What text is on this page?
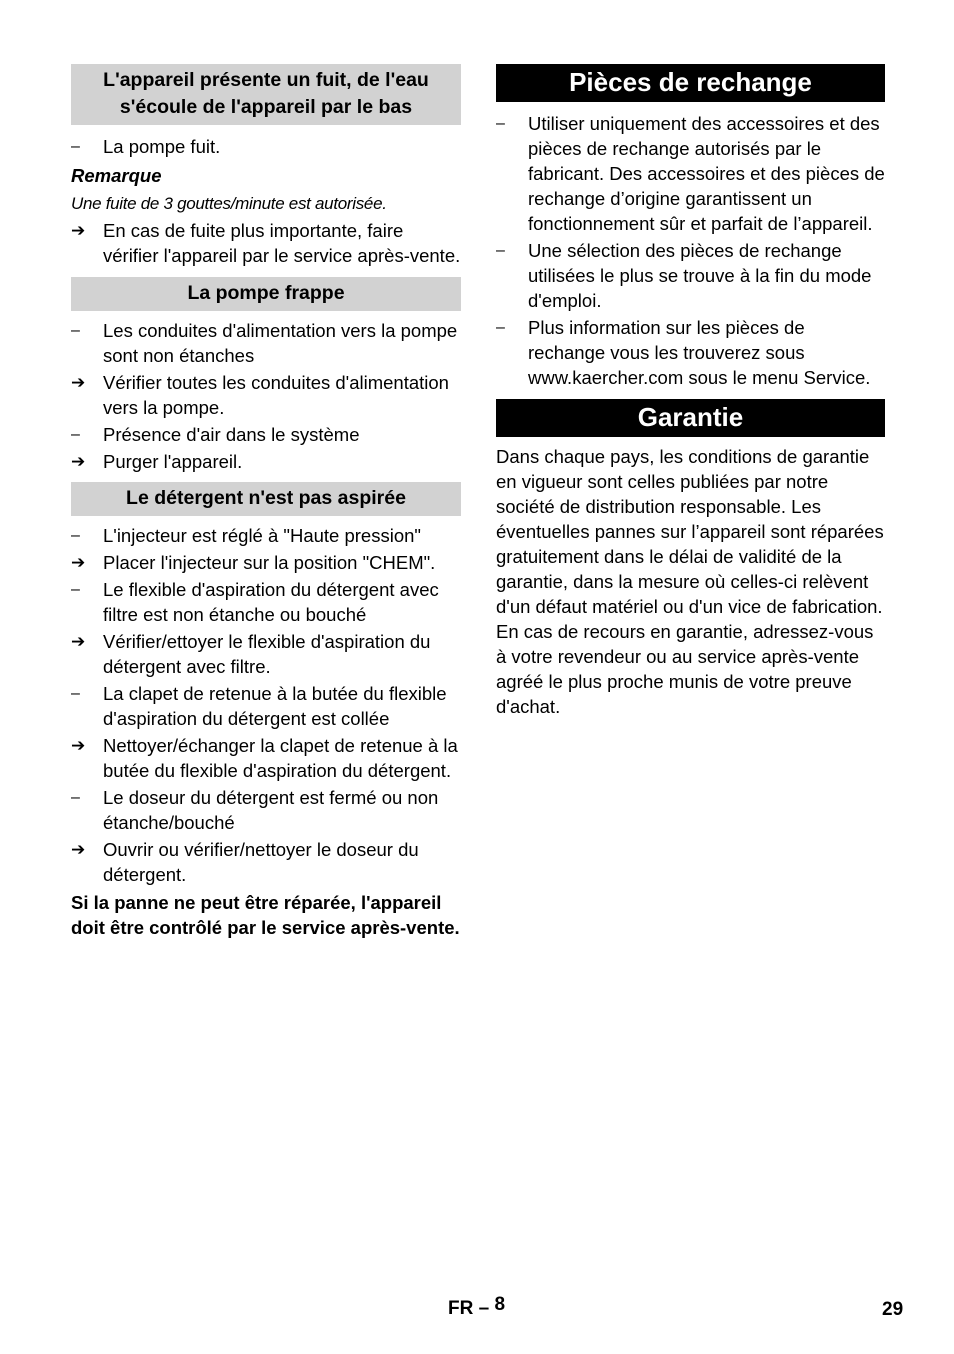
L'appareil présente un fuit, de l'eau s'écoule de l'appareil par le bas
–	La pompe fuit.
Remarque
Une fuite de 3 gouttes/minute est autorisée.
➔ En cas de fuite plus importante, faire vérifier l'appareil par le service après-vente.
La pompe frappe
–	Les conduites d'alimentation vers la pompe sont non étanches
➔ Vérifier toutes les conduites d'alimentation vers la pompe.
–	Présence d'air dans le système
➔ Purger l'appareil.
Le détergent n'est pas aspirée
–	L'injecteur est réglé à "Haute pression"
➔ Placer l'injecteur sur la position "CHEM".
–	Le flexible d'aspiration du détergent avec filtre est non étanche ou bouché
➔ Vérifier/ettoyer le flexible d'aspiration du détergent avec filtre.
–	La clapet de retenue à la butée du flexible d'aspiration du détergent est collée
➔ Nettoyer/échanger la clapet de retenue à la butée du flexible d'aspiration du détergent.
–	Le doseur du détergent est fermé ou non étanche/bouché
➔ Ouvrir ou vérifier/nettoyer le doseur du détergent.
Si la panne ne peut être réparée, l'appareil doit être contrôlé par le service après-vente.
Pièces de rechange
–	Utiliser uniquement des accessoires et des pièces de rechange autorisés par le fabricant. Des accessoires et des pièces de rechange d’origine garantissent un fonctionnement sûr et parfait de l’appareil.
–	Une sélection des pièces de rechange utilisées le plus se trouve à la fin du mode d'emploi.
–	Plus information sur les pièces de rechange vous les trouverez sous www.kaercher.com sous le menu Service.
Garantie
Dans chaque pays, les conditions de garantie en vigueur sont celles publiées par notre société de distribution responsable. Les éventuelles pannes sur l’appareil sont réparées gratuitement dans le délai de validité de la garantie, dans la mesure où celles-ci relèvent d'un défaut matériel ou d'un vice de fabrication. En cas de recours en garantie, adressez-vous à votre revendeur ou au service après-vente agréé le plus proche munis de votre preuve d'achat.
FR – 8	29
